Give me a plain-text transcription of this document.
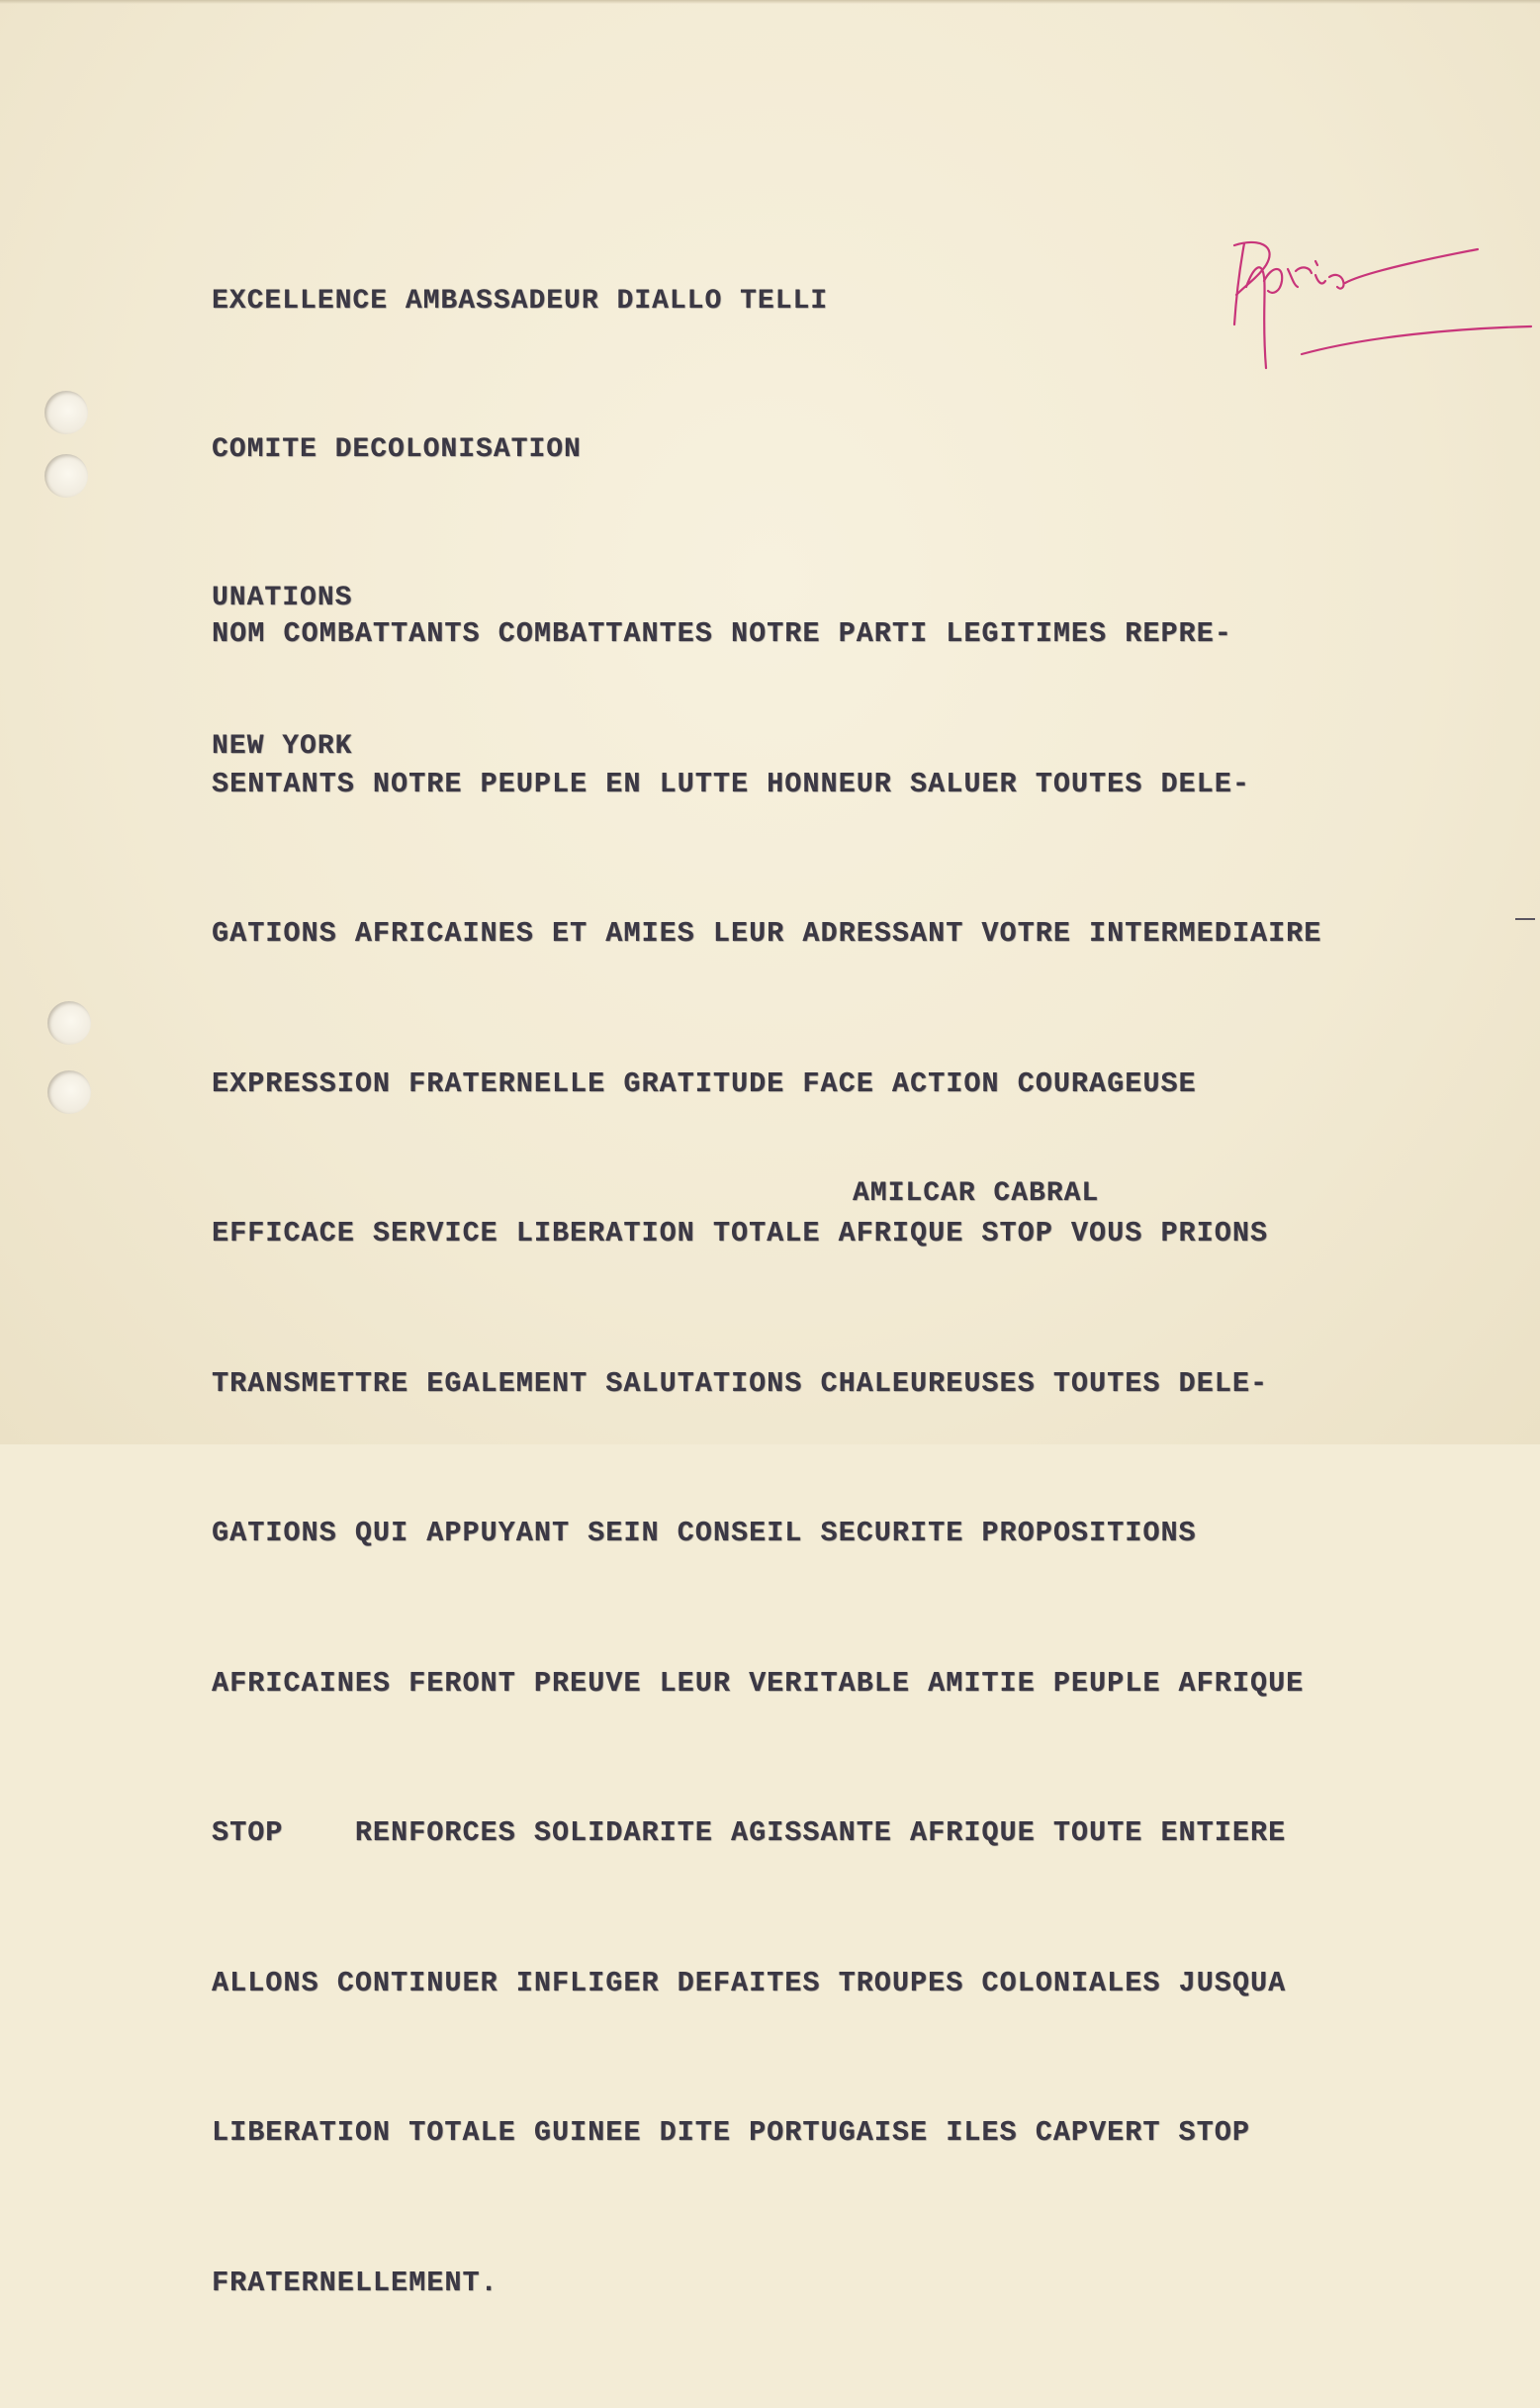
EXCELLENCE AMBASSADEUR DIALLO TELLI

COMITE DECOLONISATION

UNATIONS

NEW YORK

NOM COMBATTANTS COMBATTANTES NOTRE PARTI LEGITIMES REPRE-

SENTANTS NOTRE PEUPLE EN LUTTE HONNEUR SALUER TOUTES DELE-

GATIONS AFRICAINES ET AMIES LEUR ADRESSANT VOTRE INTERMEDIAIRE

EXPRESSION FRATERNELLE GRATITUDE FACE ACTION COURAGEUSE

EFFICACE SERVICE LIBERATION TOTALE AFRIQUE STOP VOUS PRIONS

TRANSMETTRE EGALEMENT SALUTATIONS CHALEUREUSES TOUTES DELE-

GATIONS QUI APPUYANT SEIN CONSEIL SECURITE PROPOSITIONS

AFRICAINES FERONT PREUVE LEUR VERITABLE AMITIE PEUPLE AFRIQUE

STOP    RENFORCES SOLIDARITE AGISSANTE AFRIQUE TOUTE ENTIERE

ALLONS CONTINUER INFLIGER DEFAITES TROUPES COLONIALES JUSQUA

LIBERATION TOTALE GUINEE DITE PORTUGAISE ILES CAPVERT STOP

FRATERNELLEMENT.

AMILCAR CABRAL
